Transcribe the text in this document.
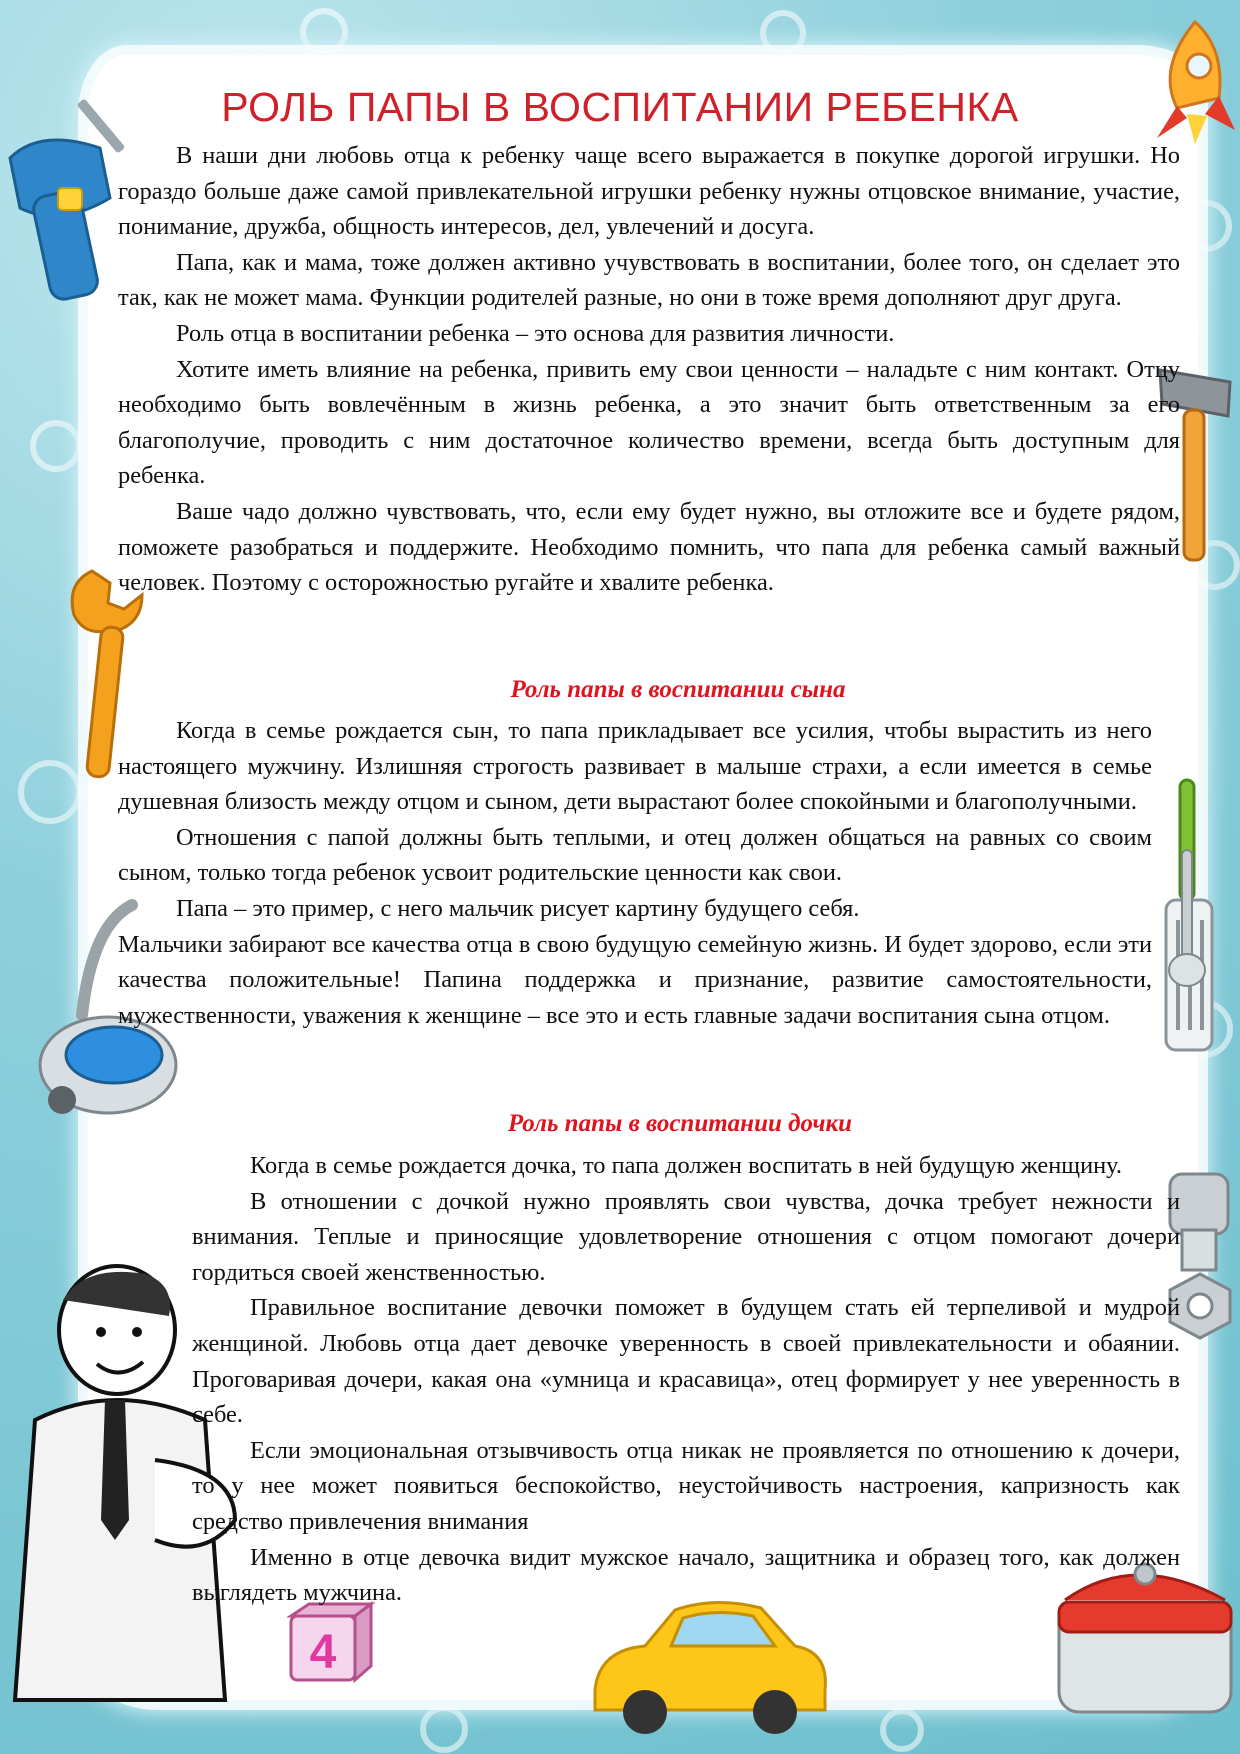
4
РОЛЬ ПАПЫ В ВОСПИТАНИИ РЕБЕНКА

В наши дни любовь отца к ребенку чаще всего выражается в покупке дорогой игрушки. Но гораздо больше даже самой привлекательной игрушки ребенку нужны отцовское внимание, участие, понимание, дружба, общность интересов, дел, увлечений и досуга.

Папа, как и мама, тоже должен активно учувствовать в воспитании, более того, он сделает это так, как не может мама. Функции родителей разные, но они в тоже время дополняют друг друга.

Роль отца в воспитании ребенка – это основа для развития личности.

Хотите иметь влияние на ребенка, привить ему свои ценности – наладьте с ним контакт. Отцу необходимо быть вовлечённым в жизнь ребенка, а это значит быть ответственным за его благополучие, проводить с ним достаточное количество времени, всегда быть доступным для ребенка.

Ваше чадо должно чувствовать, что, если ему будет нужно, вы отложите все и будете рядом, поможете разобраться и поддержите. Необходимо помнить, что папа для ребенка самый важный человек. Поэтому с осторожностью ругайте и хвалите ребенка.

Роль папы в воспитании сына

Когда в семье рождается сын, то папа прикладывает все усилия, чтобы вырастить из него настоящего мужчину. Излишняя строгость развивает в малыше страхи, а если имеется в семье душевная близость между отцом и сыном, дети вырастают более спокойными и благополучными.

Отношения с папой должны быть теплыми, и отец должен общаться на равных со своим сыном, только тогда ребенок усвоит родительские ценности как свои.

Папа – это пример, с него мальчик рисует картину будущего себя.

Мальчики забирают все качества отца в свою будущую семейную жизнь. И будет здорово, если эти качества положительные! Папина поддержка и признание, развитие самостоятельности, мужественности, уважения к женщине – все это и есть главные задачи воспитания сына отцом.

Роль папы в воспитании дочки

Когда в семье рождается дочка, то папа должен воспитать в ней будущую женщину.

В отношении с дочкой нужно проявлять свои чувства, дочка требует нежности и внимания. Теплые и приносящие удовлетворение отношения с отцом помогают дочери гордиться своей женственностью.

Правильное воспитание девочки поможет в будущем стать ей терпеливой и мудрой женщиной. Любовь отца дает девочке уверенность в своей привлекательности и обаянии. Проговаривая дочери, какая она «умница и красавица», отец формирует у нее уверенность в себе.

Если эмоциональная отзывчивость отца никак не проявляется по отношению к дочери, то у нее может появиться беспокойство, неустойчивость настроения, капризность как средство привлечения внимания

Именно в отце девочка видит мужское начало, защитника и образец того, как должен выглядеть мужчина.
